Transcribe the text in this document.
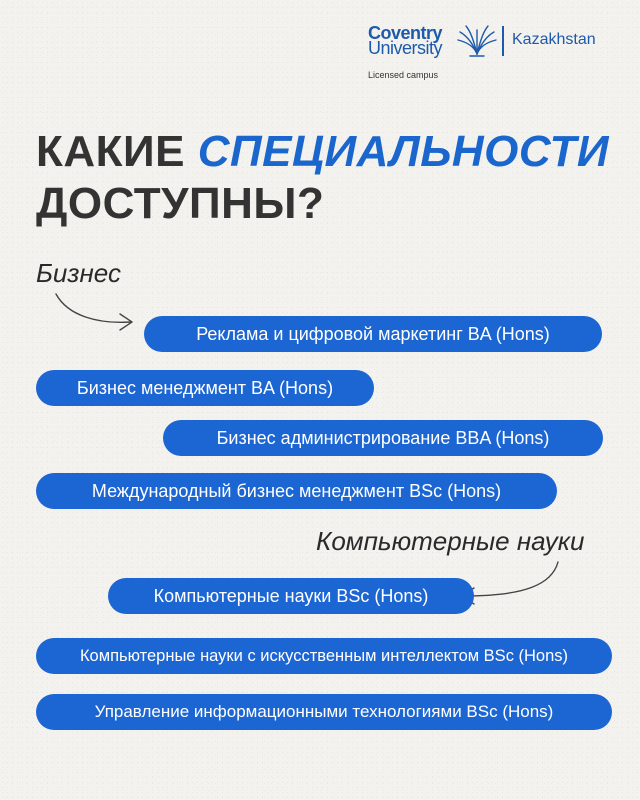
Coventry
University	Kazakhstan
Licensed campus
КАКИЕ СПЕЦИАЛЬНОСТИ
ДОСТУПНЫ?
Бизнес
Реклама и цифровой маркетинг BA (Hons)
Бизнес менеджмент BA (Hons)
Бизнес администрирование BBA (Hons)
Международный бизнес менеджмент BSc (Hons)
Компьютерные науки
Компьютерные науки BSc (Hons)
Компьютерные науки с искусственным интеллектом BSc (Hons)
Управление информационными технологиями BSc (Hons)
